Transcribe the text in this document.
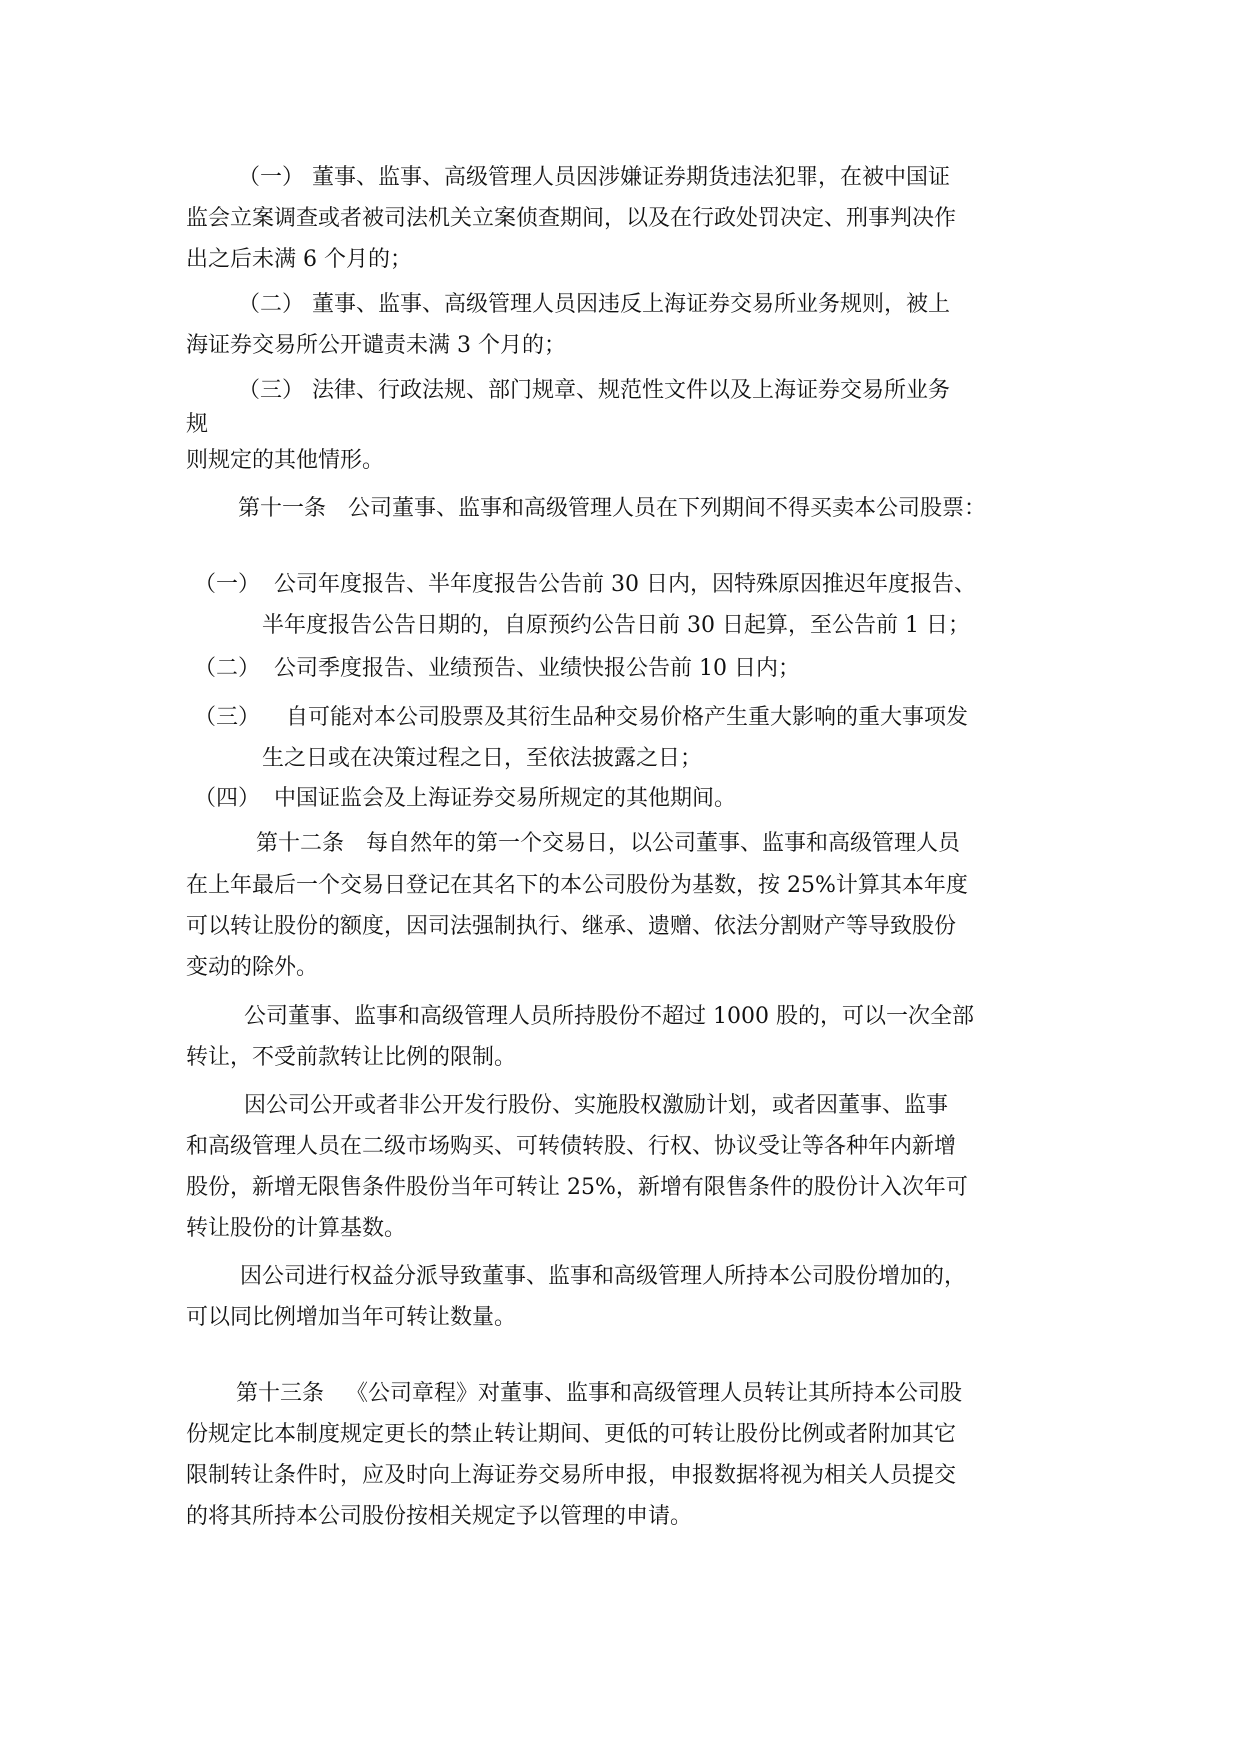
（一） 董事、监事、高级管理人员因涉嫌证券期货违法犯罪，在被中国证
监会立案调查或者被司法机关立案侦查期间，以及在行政处罚决定、刑事判决作
出之后未满 6 个月的；
（二） 董事、监事、高级管理人员因违反上海证券交易所业务规则，被上
海证券交易所公开谴责未满 3 个月的；
（三） 法律、行政法规、部门规章、规范性文件以及上海证券交易所业务
规
则规定的其他情形。
第十一条 公司董事、监事和高级管理人员在下列期间不得买卖本公司股票：
（一） 公司年度报告、半年度报告公告前 30 日内，因特殊原因推迟年度报告、
半年度报告公告日期的，自原预约公告日前 30 日起算，至公告前 1 日；
（二） 公司季度报告、业绩预告、业绩快报公告前 10 日内；
（三） 自可能对本公司股票及其衍生品种交易价格产生重大影响的重大事项发
生之日或在决策过程之日，至依法披露之日；
（四） 中国证监会及上海证券交易所规定的其他期间。
第十二条 每自然年的第一个交易日，以公司董事、监事和高级管理人员
在上年最后一个交易日登记在其名下的本公司股份为基数，按 25%计算其本年度
可以转让股份的额度，因司法强制执行、继承、遗赠、依法分割财产等导致股份
变动的除外。
公司董事、监事和高级管理人员所持股份不超过 1000 股的，可以一次全部
转让，不受前款转让比例的限制。
因公司公开或者非公开发行股份、实施股权激励计划，或者因董事、监事
和高级管理人员在二级市场购买、可转债转股、行权、协议受让等各种年内新增
股份，新增无限售条件股份当年可转让 25%，新增有限售条件的股份计入次年可
转让股份的计算基数。
因公司进行权益分派导致董事、监事和高级管理人所持本公司股份增加的，
可以同比例增加当年可转让数量。
第十三条 《公司章程》对董事、监事和高级管理人员转让其所持本公司股
份规定比本制度规定更长的禁止转让期间、更低的可转让股份比例或者附加其它
限制转让条件时，应及时向上海证券交易所申报，申报数据将视为相关人员提交
的将其所持本公司股份按相关规定予以管理的申请。
